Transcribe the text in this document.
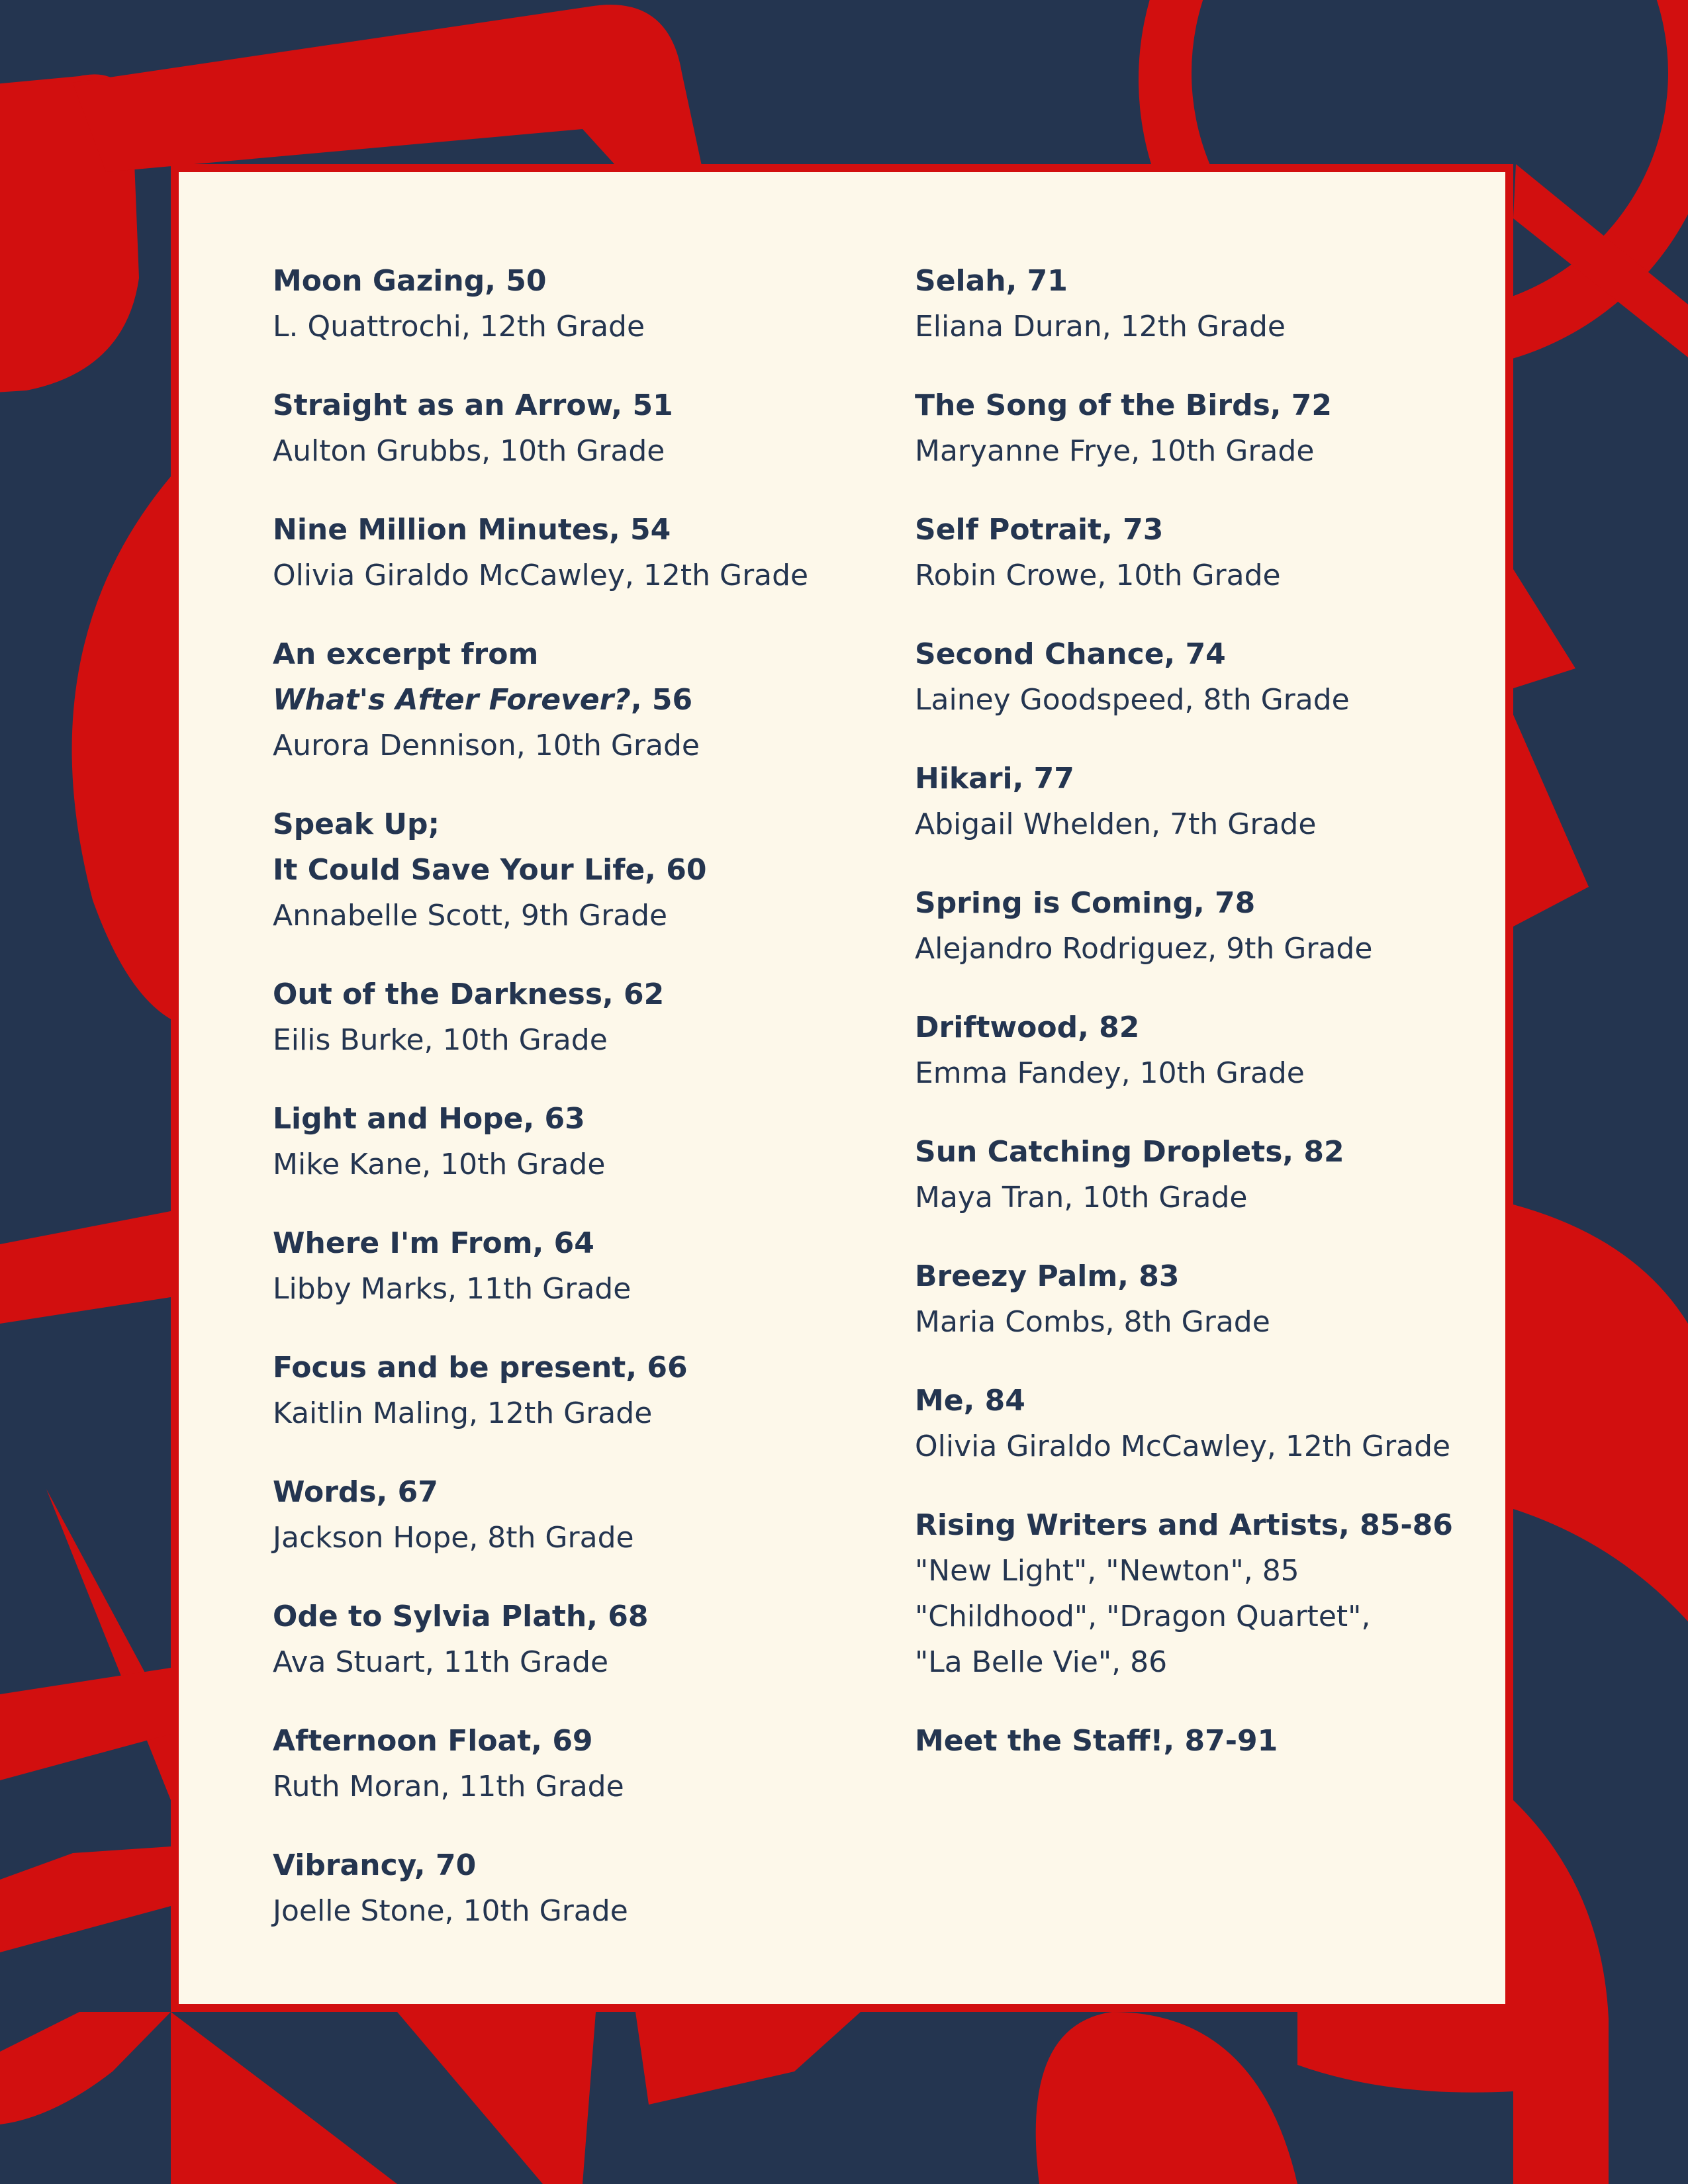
Moon Gazing, 50
L. Quattrochi, 12th Grade
Straight as an Arrow, 51
Aulton Grubbs, 10th Grade
Nine Million Minutes, 54
Olivia Giraldo McCawley, 12th Grade
An excerpt from
What's After Forever?, 56
Aurora Dennison, 10th Grade
Speak Up;
It Could Save Your Life, 60
Annabelle Scott, 9th Grade
Out of the Darkness, 62
Eilis Burke, 10th Grade
Light and Hope, 63
Mike Kane, 10th Grade
Where I'm From, 64
Libby Marks, 11th Grade
Focus and be present, 66
Kaitlin Maling, 12th Grade
Words, 67
Jackson Hope, 8th Grade
Ode to Sylvia Plath, 68
Ava Stuart, 11th Grade
Afternoon Float, 69
Ruth Moran, 11th Grade
Vibrancy, 70
Joelle Stone, 10th Grade
Selah, 71
Eliana Duran, 12th Grade
The Song of the Birds, 72
Maryanne Frye, 10th Grade
Self Potrait, 73
Robin Crowe, 10th Grade
Second Chance, 74
Lainey Goodspeed, 8th Grade
Hikari, 77
Abigail Whelden, 7th Grade
Spring is Coming, 78
Alejandro Rodriguez, 9th Grade
Driftwood, 82
Emma Fandey, 10th Grade
Sun Catching Droplets, 82
Maya Tran, 10th Grade
Breezy Palm, 83
Maria Combs, 8th Grade
Me, 84
Olivia Giraldo McCawley, 12th Grade
Rising Writers and Artists, 85-86
"New Light", "Newton", 85
"Childhood", "Dragon Quartet",
"La Belle Vie", 86
Meet the Staff!, 87-91
